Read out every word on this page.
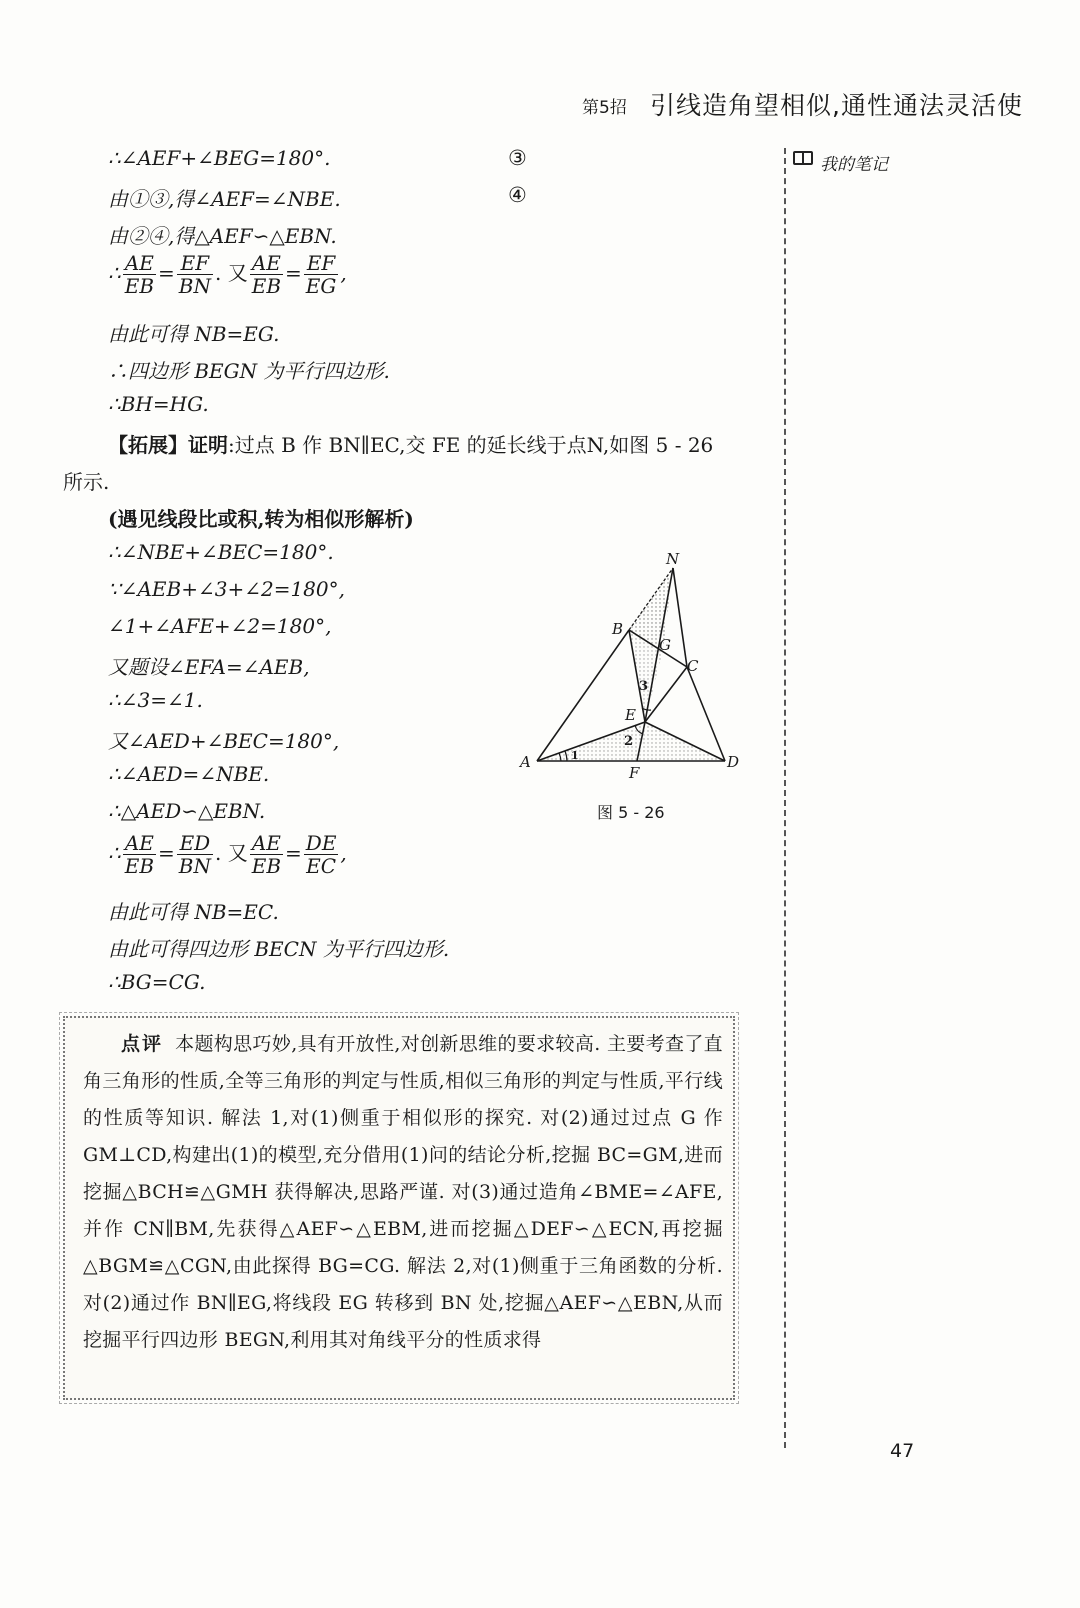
第5招 引线造角望相似,通性通法灵活使
我的笔记
∴∠AEF+∠BEG=180°.	③
由①③,得∠AEF=∠NBE.	④
由②④,得△AEF∽△EBN.
∴ $\frac{AE}{EB} = \frac{EF}{BN}$ . 又 $\frac{AE}{EB} = \frac{EF}{EG}$ ,
由此可得 NB=EG.
∴四边形 BEGN 为平行四边形.
∴BH=HG.
【拓展】证明:过点 B 作 BN∥EC,交 FE 的延长线于点N,如图 5 - 26
所示.
(遇见线段比或积,转为相似形解析)
∴∠NBE+∠BEC=180°.
∵∠AEB+∠3+∠2=180°,
∠1+∠AFE+∠2=180°,
又题设∠EFA=∠AEB,
∴∠3=∠1.
又∠AED+∠BEC=180°,
∴∠AED=∠NBE.
∴△AED∽△EBN.
∴ $\frac{AE}{EB} = \frac{ED}{BN}$ . 又 $\frac{AE}{EB} = \frac{DE}{EC}$ ,
由此可得 NB=EC.
由此可得四边形 BECN 为平行四边形.
∴BG=CG.
N
B
G
C
E
A
F
D
3
2
1
图 5 - 26

点评 本题构思巧妙,具有开放性,对创新思维的要求较高. 主要考查了直角三角形的性质,全等三角形的判定与性质,相似三角形的判定与性质,平行线的性质等知识. 解法 1,对(1)侧重于相似形的探究. 对(2)通过过点 G 作 GM⊥CD,构建出(1)的模型,充分借用(1)问的结论分析,挖掘 BC=GM,进而挖掘△BCH≌△GMH 获得解决,思路严谨. 对(3)通过造角∠BME=∠AFE,并作 CN∥BM,先获得△AEF∽△EBM,进而挖掘△DEF∽△ECN,再挖掘△BGM≌△CGN,由此探得 BG=CG. 解法 2,对(1)侧重于三角函数的分析. 对(2)通过作 BN∥EG,将线段 EG 转移到 BN 处,挖掘△AEF∽△EBN,从而挖掘平行四边形 BEGN,利用其对角线平分的性质求得

47
